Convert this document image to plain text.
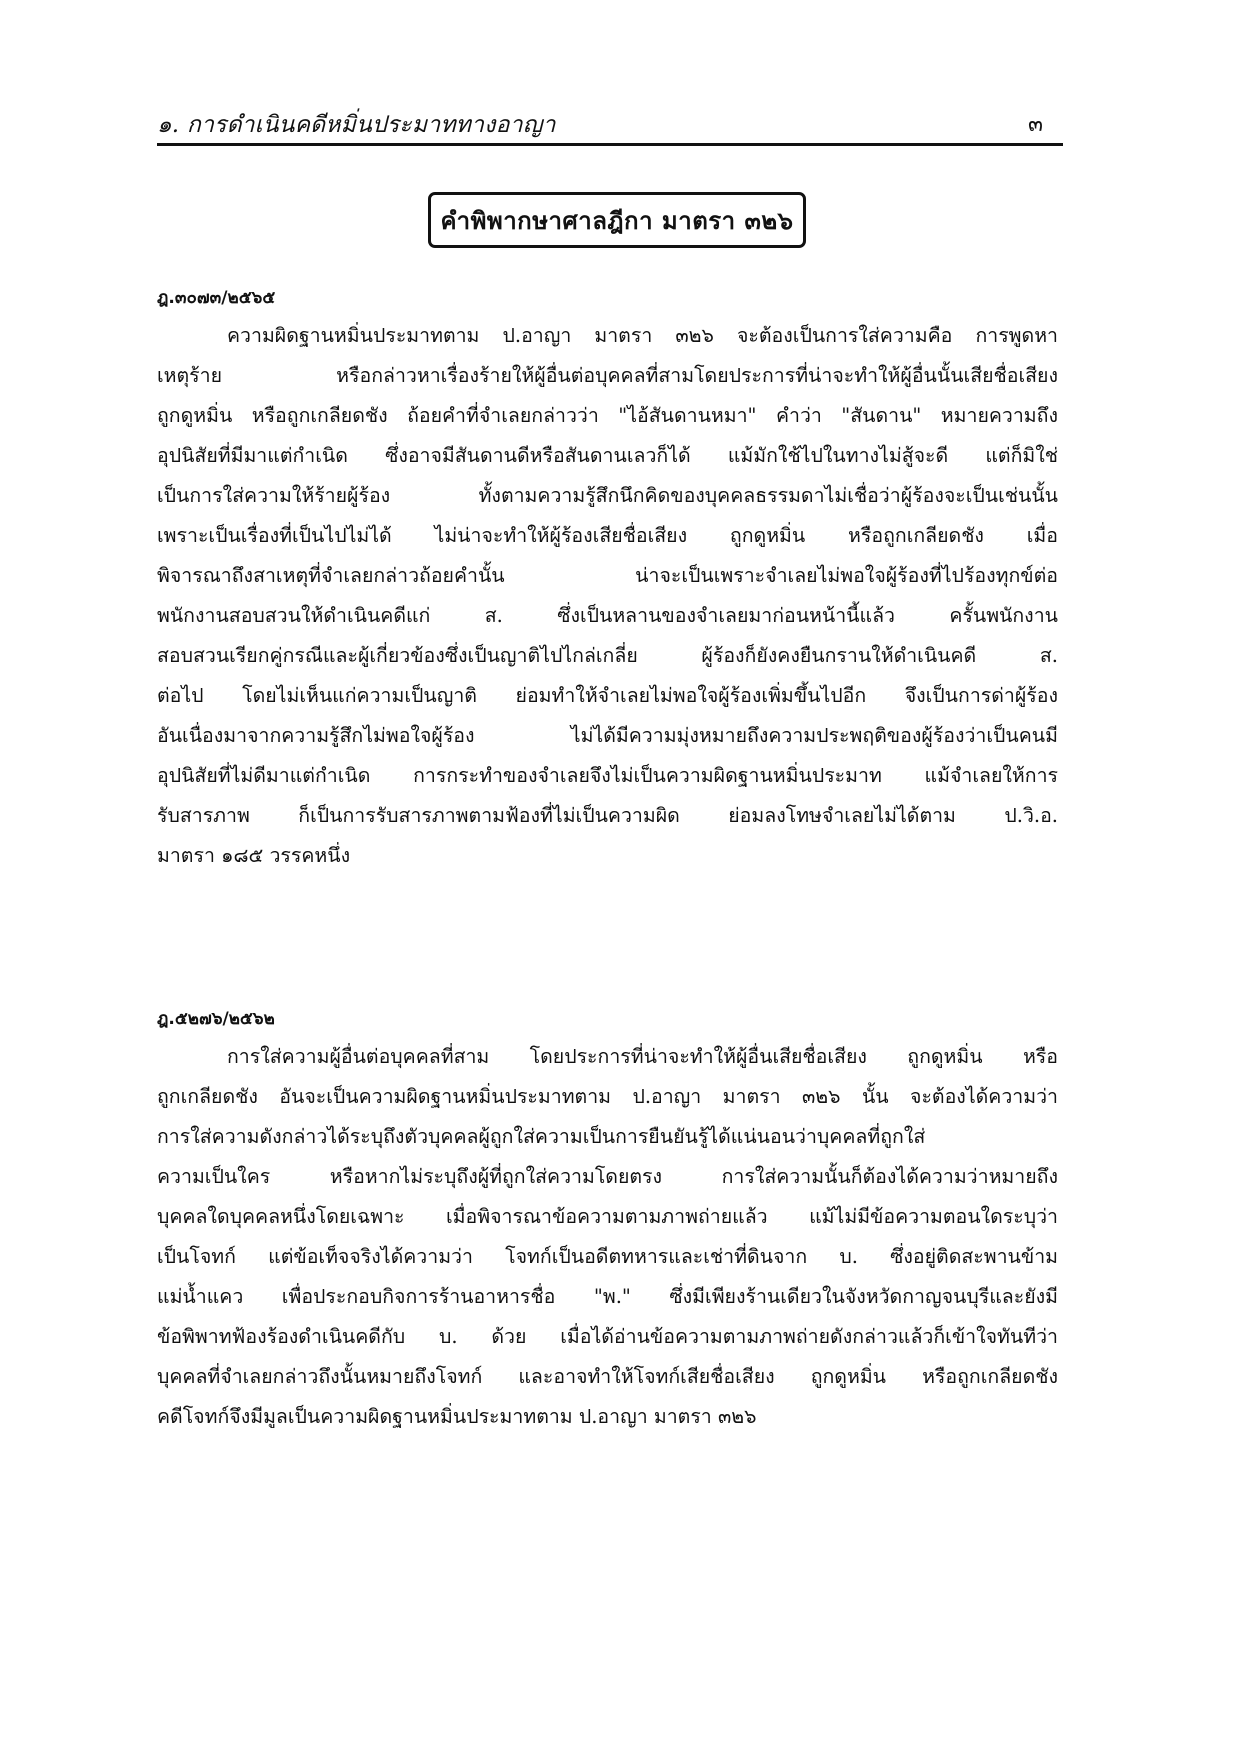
๑. การดำเนินคดีหมิ่นประมาททางอาญา	๓
คำพิพากษาศาลฎีกา มาตรา ๓๒๖
ฎ.๓๐๗๓/๒๕๖๕
ความผิดฐานหมิ่นประมาทตาม ป.อาญา มาตรา ๓๒๖ จะต้องเป็นการใส่ความคือ การพูดหา
เหตุร้าย หรือกล่าวหาเรื่องร้ายให้ผู้อื่นต่อบุคคลที่สามโดยประการที่น่าจะทำให้ผู้อื่นนั้นเสียชื่อเสียง
ถูกดูหมิ่น หรือถูกเกลียดชัง ถ้อยคำที่จำเลยกล่าวว่า "ไอ้สันดานหมา" คำว่า "สันดาน" หมายความถึง
อุปนิสัยที่มีมาแต่กำเนิด ซึ่งอาจมีสันดานดีหรือสันดานเลวก็ได้ แม้มักใช้ไปในทางไม่สู้จะดี แต่ก็มิใช่
เป็นการใส่ความให้ร้ายผู้ร้อง ทั้งตามความรู้สึกนึกคิดของบุคคลธรรมดาไม่เชื่อว่าผู้ร้องจะเป็นเช่นนั้น
เพราะเป็นเรื่องที่เป็นไปไม่ได้ ไม่น่าจะทำให้ผู้ร้องเสียชื่อเสียง ถูกดูหมิ่น หรือถูกเกลียดชัง เมื่อ
พิจารณาถึงสาเหตุที่จำเลยกล่าวถ้อยคำนั้น น่าจะเป็นเพราะจำเลยไม่พอใจผู้ร้องที่ไปร้องทุกข์ต่อ
พนักงานสอบสวนให้ดำเนินคดีแก่ ส. ซึ่งเป็นหลานของจำเลยมาก่อนหน้านี้แล้ว ครั้นพนักงาน
สอบสวนเรียกคู่กรณีและผู้เกี่ยวข้องซึ่งเป็นญาติไปไกล่เกลี่ย ผู้ร้องก็ยังคงยืนกรานให้ดำเนินคดี ส.
ต่อไป โดยไม่เห็นแก่ความเป็นญาติ ย่อมทำให้จำเลยไม่พอใจผู้ร้องเพิ่มขึ้นไปอีก จึงเป็นการด่าผู้ร้อง
อันเนื่องมาจากความรู้สึกไม่พอใจผู้ร้อง ไม่ได้มีความมุ่งหมายถึงความประพฤติของผู้ร้องว่าเป็นคนมี
อุปนิสัยที่ไม่ดีมาแต่กำเนิด การกระทำของจำเลยจึงไม่เป็นความผิดฐานหมิ่นประมาท แม้จำเลยให้การ
รับสารภาพ ก็เป็นการรับสารภาพตามฟ้องที่ไม่เป็นความผิด ย่อมลงโทษจำเลยไม่ได้ตาม ป.วิ.อ.
มาตรา ๑๘๕ วรรคหนึ่ง
ฎ.๕๒๗๖/๒๕๖๒
การใส่ความผู้อื่นต่อบุคคลที่สาม โดยประการที่น่าจะทำให้ผู้อื่นเสียชื่อเสียง ถูกดูหมิ่น หรือ
ถูกเกลียดชัง อันจะเป็นความผิดฐานหมิ่นประมาทตาม ป.อาญา มาตรา ๓๒๖ นั้น จะต้องได้ความว่า
การใส่ความดังกล่าวได้ระบุถึงตัวบุคคลผู้ถูกใส่ความเป็นการยืนยันรู้ได้แน่นอนว่าบุคคลที่ถูกใส่
ความเป็นใคร หรือหากไม่ระบุถึงผู้ที่ถูกใส่ความโดยตรง การใส่ความนั้นก็ต้องได้ความว่าหมายถึง
บุคคลใดบุคคลหนึ่งโดยเฉพาะ เมื่อพิจารณาข้อความตามภาพถ่ายแล้ว แม้ไม่มีข้อความตอนใดระบุว่า
เป็นโจทก์ แต่ข้อเท็จจริงได้ความว่า โจทก์เป็นอดีตทหารและเช่าที่ดินจาก บ. ซึ่งอยู่ติดสะพานข้าม
แม่น้ำแคว เพื่อประกอบกิจการร้านอาหารชื่อ "พ." ซึ่งมีเพียงร้านเดียวในจังหวัดกาญจนบุรีและยังมี
ข้อพิพาทฟ้องร้องดำเนินคดีกับ บ. ด้วย เมื่อได้อ่านข้อความตามภาพถ่ายดังกล่าวแล้วก็เข้าใจทันทีว่า
บุคคลที่จำเลยกล่าวถึงนั้นหมายถึงโจทก์ และอาจทำให้โจทก์เสียชื่อเสียง ถูกดูหมิ่น หรือถูกเกลียดชัง
คดีโจทก์จึงมีมูลเป็นความผิดฐานหมิ่นประมาทตาม ป.อาญา มาตรา ๓๒๖
